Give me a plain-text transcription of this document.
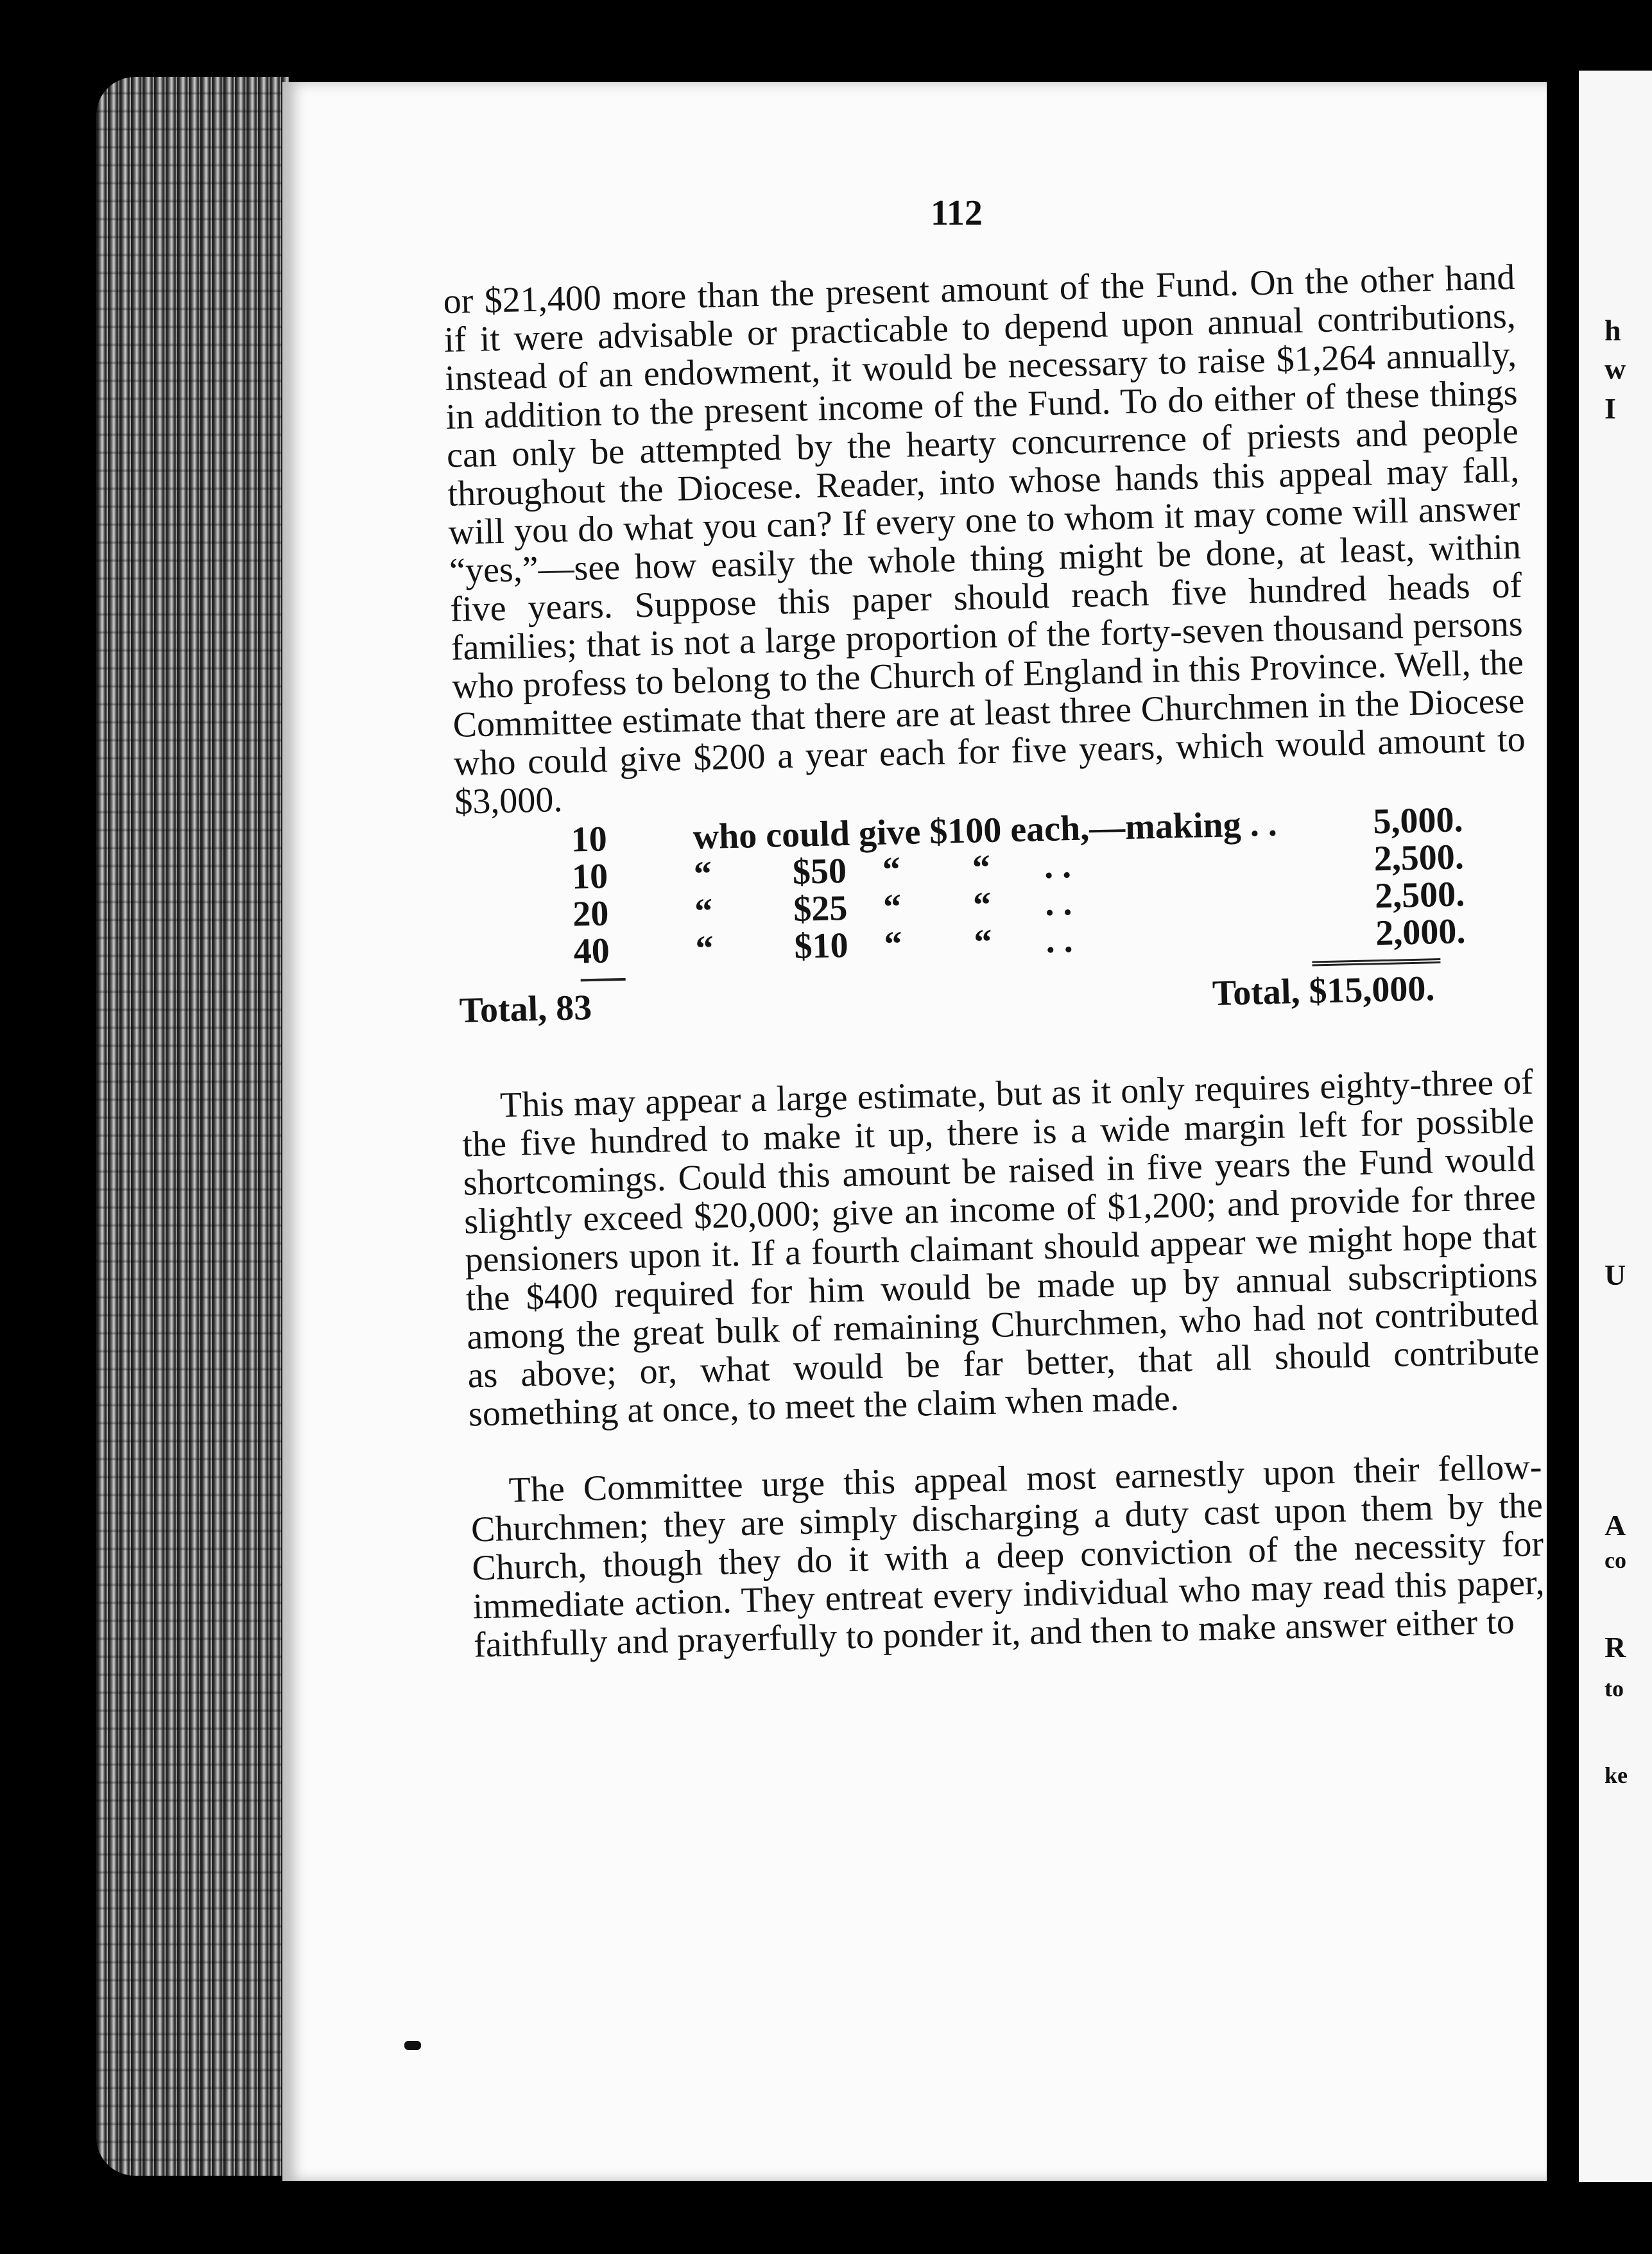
h
w
I
U
A
co
R
to
ke
112

or $21,400 more than the present amount of the Fund. On the other hand if it were advisable or practicable to depend upon annual contributions, instead of an endowment, it would be necessary to raise $1,264 annually, in addition to the present income of the Fund. To do either of these things can only be attempted by the hearty concurrence of priests and people throughout the Diocese. Reader, into whose hands this appeal may fall, will you do what you can? If every one to whom it may come will answer “yes,”—see how easily the whole thing might be done, at least, within five years. Suppose this paper should reach five hundred heads of families; that is not a large proportion of the forty-seven thousand persons who profess to belong to the Church of England in this Province. Well, the Committee estimate that there are at least three Churchmen in the Diocese who could give $200 a year each for five years, which would amount to $3,000.

10	who could give $100 each,—making . .	5,000.
10	“         $50    “        “      . .	2,500.
20	“         $25    “        “      . .	2,500.
40	“         $10    “        “      . .	2,000.
Total, 83	Total, $15,000.

This may appear a large estimate, but as it only requires eighty-three of the five hundred to make it up, there is a wide margin left for possible shortcomings. Could this amount be raised in five years the Fund would slightly exceed $20,000; give an income of $1,200; and provide for three pensioners upon it. If a fourth claimant should appear we might hope that the $400 required for him would be made up by annual subscriptions among the great bulk of remaining Churchmen, who had not contributed as above; or, what would be far better, that all should contribute something at once, to meet the claim when made.

The Committee urge this appeal most earnestly upon their fellow-Churchmen; they are simply discharging a duty cast upon them by the Church, though they do it with a deep conviction of the necessity for immediate action. They entreat every individual who may read this paper, faithfully and prayerfully to ponder it, and then to make answer either to
